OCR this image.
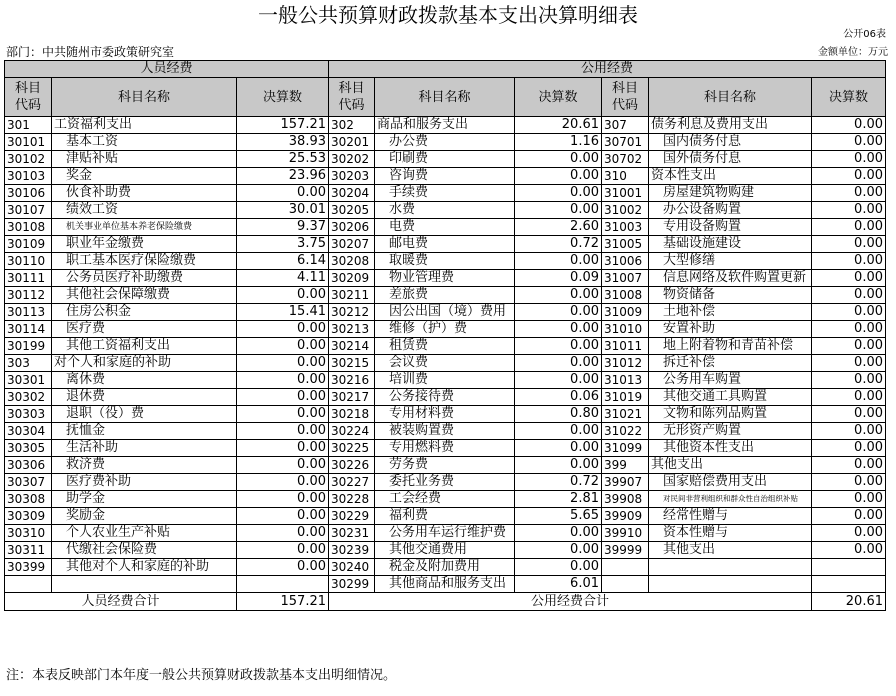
一般公共预算财政拨款基本支出决算明细表
公开06表
部门：中共随州市委政策研究室	金额单位：万元
人员经费			公用经费					
科目
代码	科目名称	决算数	科目
代码	科目名称	决算数	科目
代码	科目名称	决算数
301	工资福利支出	157.21	302	商品和服务支出	20.61	307	债务利息及费用支出	0.00
30101	基本工资	38.93	30201	办公费	1.16	30701	国内债务付息	0.00
30102	津贴补贴	25.53	30202	印刷费	0.00	30702	国外债务付息	0.00
30103	奖金	23.96	30203	咨询费	0.00	310	资本性支出	0.00
30106	伙食补助费	0.00	30204	手续费	0.00	31001	房屋建筑物购建	0.00
30107	绩效工资	30.01	30205	水费	0.00	31002	办公设备购置	0.00
30108	机关事业单位基本养老保险缴费	9.37	30206	电费	2.60	31003	专用设备购置	0.00
30109	职业年金缴费	3.75	30207	邮电费	0.72	31005	基础设施建设	0.00
30110	职工基本医疗保险缴费	6.14	30208	取暖费	0.00	31006	大型修缮	0.00
30111	公务员医疗补助缴费	4.11	30209	物业管理费	0.09	31007	信息网络及软件购置更新	0.00
30112	其他社会保障缴费	0.00	30211	差旅费	0.00	31008	物资储备	0.00
30113	住房公积金	15.41	30212	因公出国（境）费用	0.00	31009	土地补偿	0.00
30114	医疗费	0.00	30213	维修（护）费	0.00	31010	安置补助	0.00
30199	其他工资福利支出	0.00	30214	租赁费	0.00	31011	地上附着物和青苗补偿	0.00
303	对个人和家庭的补助	0.00	30215	会议费	0.00	31012	拆迁补偿	0.00
30301	离休费	0.00	30216	培训费	0.00	31013	公务用车购置	0.00
30302	退休费	0.00	30217	公务接待费	0.06	31019	其他交通工具购置	0.00
30303	退职（役）费	0.00	30218	专用材料费	0.80	31021	文物和陈列品购置	0.00
30304	抚恤金	0.00	30224	被装购置费	0.00	31022	无形资产购置	0.00
30305	生活补助	0.00	30225	专用燃料费	0.00	31099	其他资本性支出	0.00
30306	救济费	0.00	30226	劳务费	0.00	399	其他支出	0.00
30307	医疗费补助	0.00	30227	委托业务费	0.72	39907	国家赔偿费用支出	0.00
30308	助学金	0.00	30228	工会经费	2.81	39908	对民间非营利组织和群众性自治组织补贴	0.00
30309	奖励金	0.00	30229	福利费	5.65	39909	经常性赠与	0.00
30310	个人农业生产补贴	0.00	30231	公务用车运行维护费	0.00	39910	资本性赠与	0.00
30311	代缴社会保险费	0.00	30239	其他交通费用	0.00	39999	其他支出	0.00
30399	其他对个人和家庭的补助	0.00	30240	税金及附加费用	0.00			
			30299	其他商品和服务支出	6.01			
人员经费合计		157.21	公用经费合计					20.61
注：本表反映部门本年度一般公共预算财政拨款基本支出明细情况。
